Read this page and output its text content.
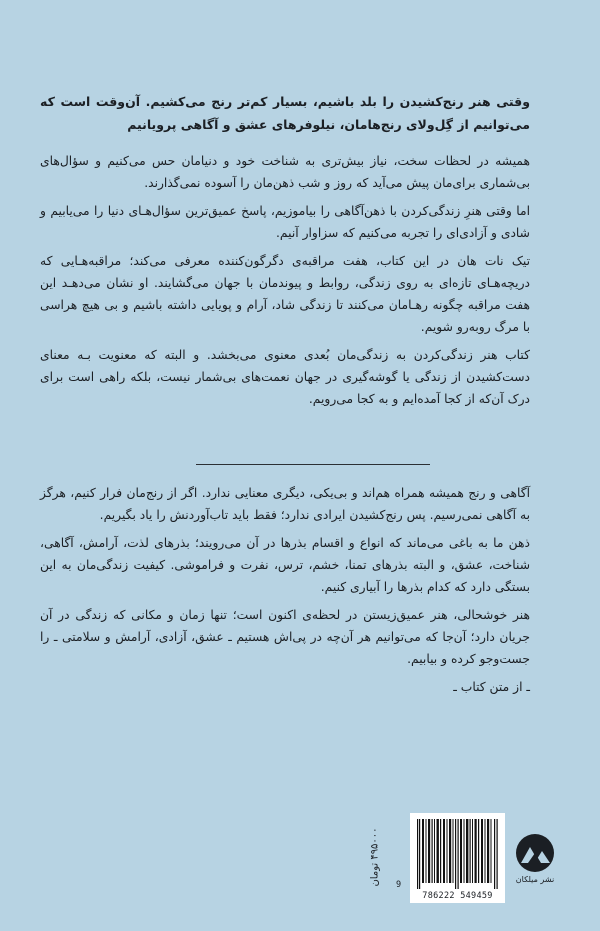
وقتی هنر رنج‌کشیدن را بلد باشیم، بسیار کم‌تر رنج می‌کشیم. آن‌وقت است که می‌توانیم از گِل‌ولای رنج‌هامان، نیلوفرهای عشق و آگاهی پرویانیم

همیشه در لحظات سخت، نیاز بیش‌تری به شناخت خود و دنیامان حس می‌کنیم و سؤال‌های بی‌شماری برای‌مان پیش می‌آید که روز و شب ذهن‌مان را آسوده نمی‌گذارند.

اما وقتی هنرِ زندگی‌کردن با ذهن‌آگاهی را بیاموزیم، پاسخ عمیق‌ترین سؤال‌هـای دنیا را می‌یابیم و شادی و آزادی‌ای را تجربه می‌کنیم که سزاوار آنیم.

تیک نات هان در این کتاب، هفت مراقبه‌ی دگرگون‌کننده معرفی می‌کند؛ مراقبه‌هـایی که دریچه‌هـای تازه‌ای به روی زندگی، روابط و پیوندمان با جهان می‌گشایند. او نشان می‌دهـد این هفت مراقبه چگونه رهـامان می‌کنند تا زندگی شاد، آرام و پویایی داشته باشیم و بی هیچ هراسی با مرگ روبه‌رو شویم.

کتاب هنر زندگی‌کردن به زندگی‌مان بُعدی معنوی می‌بخشد. و البته که معنویت بـه معنای دست‌کشیدن از زندگی یا گوشه‌گیری در جهان نعمت‌های بی‌شمار نیست، بلکه راهی است برای درک آن‌که از کجا آمده‌ایم و به کجا می‌رویم.

آگاهی و رنج همیشه همراه هم‌اند و بی‌یکی، دیگری معنایی ندارد. اگر از رنج‌مان فرار کنیم، هرگز به آگاهی نمی‌رسیم. پس رنج‌کشیدن ایرادی ندارد؛ فقط باید تاب‌آوردنش را یاد بگیریم.

ذهن ما به باغی می‌ماند که انواع و اقسام بذرها در آن می‌رویند؛ بذرهای لذت، آرامش، آگاهی، شناخت، عشق، و البته بذرهای تمنا، خشم، ترس، نفرت و فراموشی. کیفیت زندگی‌مان به این بستگی دارد که کدام بذرها را آبیاری کنیم.

هنر خوشحالی، هنر عمیق‌زیستن در لحظه‌ی اکنون است؛ تنها زمان و مکانی که زندگی در آن جریان دارد؛ آن‌جا که می‌توانیم هر آن‌چه در پی‌اش هستیم ـ عشق، آزادی، آرامش و سلامتی ـ را جست‌وجو کرده و بیابیم.

ـ از متن کتاب ـ
نشر میلکان
9
786222 549459
۴۹۵۰۰۰ تومان
